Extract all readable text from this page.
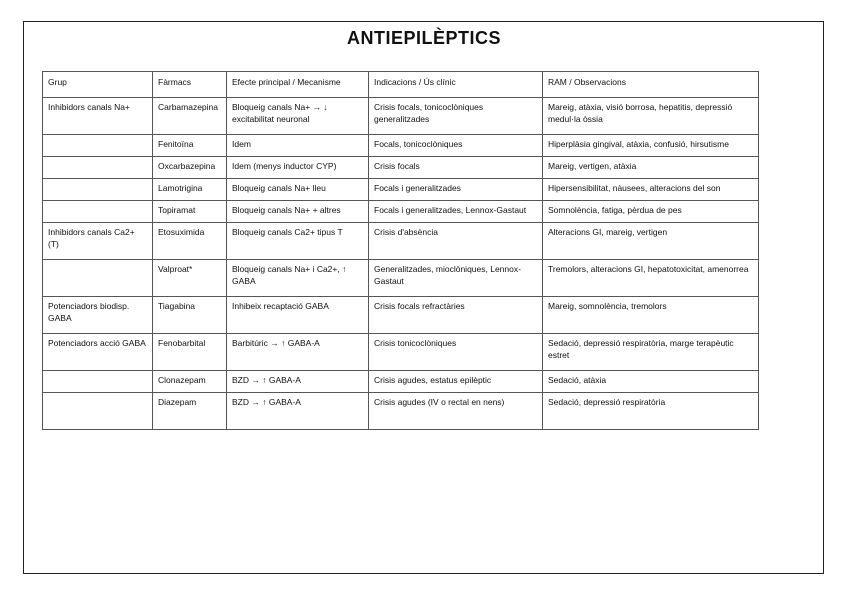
ANTIEPILÈPTICS
Grup	Fàrmacs	Efecte principal / Mecanisme	Indicacions / Ús clínic	RAM / Observacions
Inhibidors canals Na+	Carbamazepina	Bloqueig canals Na+ → ↓ excitabilitat neuronal	Crisis focals, tonicoclòniques generalitzades	Mareig, atàxia, visió borrosa, hepatitis, depressió medul·la òssia
	Fenitoïna	Idem	Focals, tonicoclòniques	Hiperplàsia gingival, atàxia, confusió, hirsutisme
	Oxcarbazepina	Idem (menys inductor CYP)	Crisis focals	Mareig, vertigen, atàxia
	Lamotrigina	Bloqueig canals Na+ lleu	Focals i generalitzades	Hipersensibilitat, nàusees, alteracions del son
	Topiramat	Bloqueig canals Na+ + altres	Focals i generalitzades, Lennox-Gastaut	Somnolència, fatiga, pèrdua de pes
Inhibidors canals Ca2+ (T)	Etosuximida	Bloqueig canals Ca2+ tipus T	Crisis d'absència	Alteracions GI, mareig, vertigen
	Valproat*	Bloqueig canals Na+ i Ca2+, ↑ GABA	Generalitzades, mioclòniques, Lennox-Gastaut	Tremolors, alteracions GI, hepatotoxicitat, amenorrea
Potenciadors biodisp. GABA	Tiagabina	Inhibeix recaptació GABA	Crisis focals refractàries	Mareig, somnolència, tremolors
Potenciadors acció GABA	Fenobarbital	Barbitúric → ↑ GABA-A	Crisis tonicoclòniques	Sedació, depressió respiratòria, marge terapèutic estret
	Clonazepam	BZD → ↑ GABA-A	Crisis agudes, estatus epilèptic	Sedació, atàxia
	Diazepam	BZD → ↑ GABA-A	Crisis agudes (IV o rectal en nens)	Sedació, depressió respiratòria
